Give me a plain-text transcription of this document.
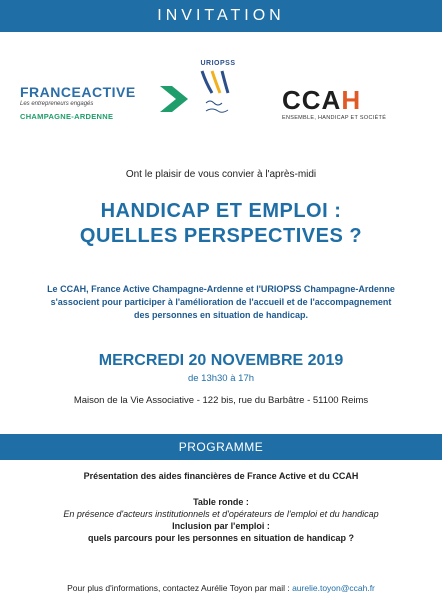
INVITATION
FRANCEACTIVE
Les entrepreneurs engagés
CHAMPAGNE-ARDENNE
URIOPSS
CCAH
ENSEMBLE, HANDICAP ET SOCIÉTÉ
Ont le plaisir de vous convier à l'après-midi
HANDICAP ET EMPLOI :
QUELLES PERSPECTIVES ?
Le CCAH, France Active Champagne-Ardenne et l'URIOPSS Champagne-Ardenne
s'associent pour participer à l'amélioration de l'accueil et de l'accompagnement
des personnes en situation de handicap.
MERCREDI 20 NOVEMBRE 2019
de 13h30 à 17h
Maison de la Vie Associative - 122 bis, rue du Barbâtre - 51100 Reims
PROGRAMME
Présentation des aides financières de France Active et du CCAH
Table ronde :
En présence d'acteurs institutionnels et d'opérateurs de l'emploi et du handicap
Inclusion par l'emploi :
quels parcours pour les personnes en situation de handicap ?
Pour plus d'informations, contactez Aurélie Toyon par mail : aurelie.toyon@ccah.fr
